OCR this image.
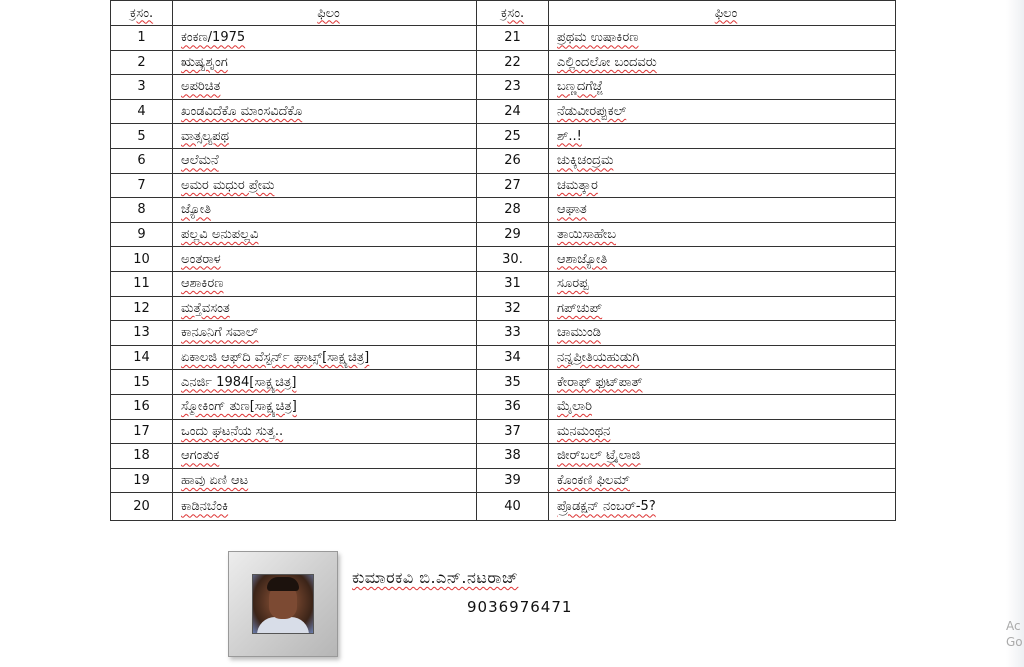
ಕ್ರಸಂ.	ಫಿಲಂ	ಕ್ರಸಂ.	ಫಿಲಂ
1	ಕಂಕಣ/1975	21	ಪ್ರಥಮ ಉಷಾಕಿರಣ
2	ಋಷ್ಯಶೃಂಗ	22	ಎಲ್ಲಿಂದಲೋ ಬಂದವರು
3	ಅಪರಿಚಿತ	23	ಬಣ್ಣದಗೆಜ್ಜೆ
4	ಖಂಡವಿದೆಕೊ ಮಾಂಸವಿದೆಕೊ	24	ನೆಡುವೀರಪ್ಪುಕಲ್
5	ವಾತ್ಸಲ್ಯಪಥ	25	ಶ್..!
6	ಆಲೆಮನೆ	26	ಚುಕ್ಕಿಚಂದ್ರಮ
7	ಅಮರ ಮಧುರ ಪ್ರೇಮ	27	ಚಮತ್ಕಾರ
8	ಜ್ಯೋತಿ	28	ಆಘಾತ
9	ಪಲ್ಲವಿ ಅನುಪಲ್ಲವಿ	29	ತಾಯಿಸಾಹೇಬ
10	ಅಂತರಾಳ	30.	ಆಶಾಜ್ಯೋತಿ
11	ಆಶಾಕಿರಣ	31	ಸೂರಪ್ಪ
12	ಮತ್ತೆವಸಂತ	32	ಗಪ್‌ಚುಪ್
13	ಕಾನೂನಿಗೆ ಸವಾಲ್	33	ಚಾಮುಂಡಿ
14	ಏಕಾಲಜಿ ಆಫ್‌ದಿ ವೆಸ್ಟರ್ನ್ ಘಾಟ್ಸ್[ಸಾಕ್ಷ್ಯಚಿತ್ರ]	34	ನನ್ನಪ್ರೀತಿಯಹುಡುಗಿ
15	ಎನರ್ಜಿ 1984[ಸಾಕ್ಷ್ಯಚಿತ್ರ]	35	ಕೇರಾಫ್ ಫುಟ್‌ಪಾತ್
16	ಸ್ಮೋಕಿಂಗ್ ತುಣ[ಸಾಕ್ಷ್ಯಚಿತ್ರ]	36	ಮೈಲಾರಿ
17	ಒಂದು ಘಟನೆಯ ಸುತ್ತ..	37	ಮನಮಂಥನ
18	ಆಗಂತುಕ	38	ಜೀರ್‌ಬಲ್ ಟ್ರೈಲಾಜಿ
19	ಹಾವು ಏಣಿ ಆಟ	39	ಕೊಂಕಣಿ ಫಿಲಮ್
20	ಕಾಡಿನಬೆಂಕಿ	40	ಪ್ರೊಡಕ್ಷನ್ ನಂಬರ್-5?
ಕುಮಾರಕವಿ ಬಿ.ಎನ್.ನಟರಾಜ್
9036976471
Ac
Go
